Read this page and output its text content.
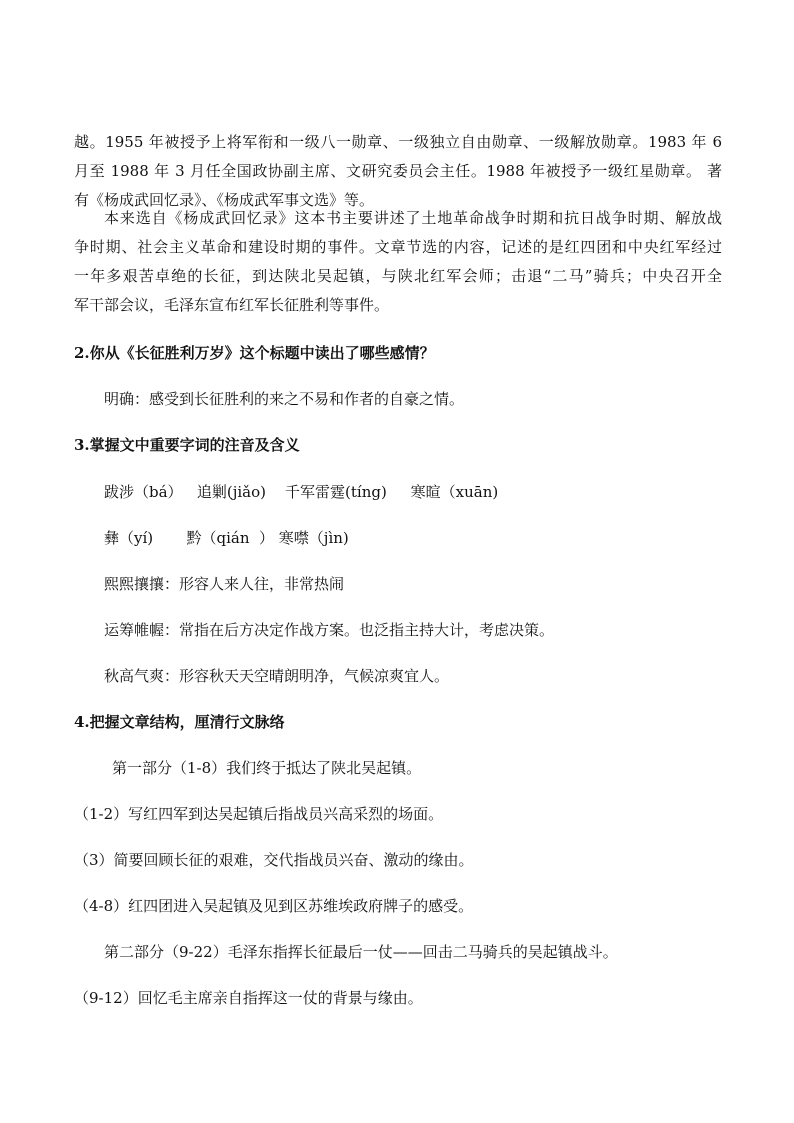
越。1955 年被授予上将军衔和一级八一勋章、一级独立自由勋章、一级解放勋章。1983 年 6
月至 1988 年 3 月任全国政协副主席、文研究委员会主任。1988 年被授予一级红星勋章。 著
有《杨成武回忆录》、《杨成武军事文选》等。
本来选自《杨成武回忆录》这本书主要讲述了土地革命战争时期和抗日战争时期、解放战
争时期、社会主义革命和建设时期的事件。文章节选的内容，记述的是红四团和中央红军经过
一年多艰苦卓绝的长征，到达陕北吴起镇，与陕北红军会师；击退“二马”骑兵；中央召开全
军干部会议，毛泽东宣布红军长征胜利等事件。
2.你从《长征胜利万岁》这个标题中读出了哪些感情？
明确：感受到长征胜利的来之不易和作者的自豪之情。
3.掌握文中重要字词的注音及含义
跋涉（bá）   追剿(jiǎo)    千军雷霆(tíng)     寒暄（xuān)
彝（yí)       黔（qián  ） 寒噤（jìn)
熙熙攘攘：形容人来人往，非常热闹
运筹帷幄：常指在后方决定作战方案。也泛指主持大计，考虑决策。
秋高气爽：形容秋天天空晴朗明净，气候凉爽宜人。
4.把握文章结构，厘清行文脉络
第一部分（1-8）我们终于抵达了陕北吴起镇。
（1-2）写红四军到达吴起镇后指战员兴高采烈的场面。
（3）简要回顾长征的艰难，交代指战员兴奋、激动的缘由。
（4-8）红四团进入吴起镇及见到区苏维埃政府牌子的感受。
第二部分（9-22）毛泽东指挥长征最后一仗——回击二马骑兵的吴起镇战斗。
（9-12）回忆毛主席亲自指挥这一仗的背景与缘由。
